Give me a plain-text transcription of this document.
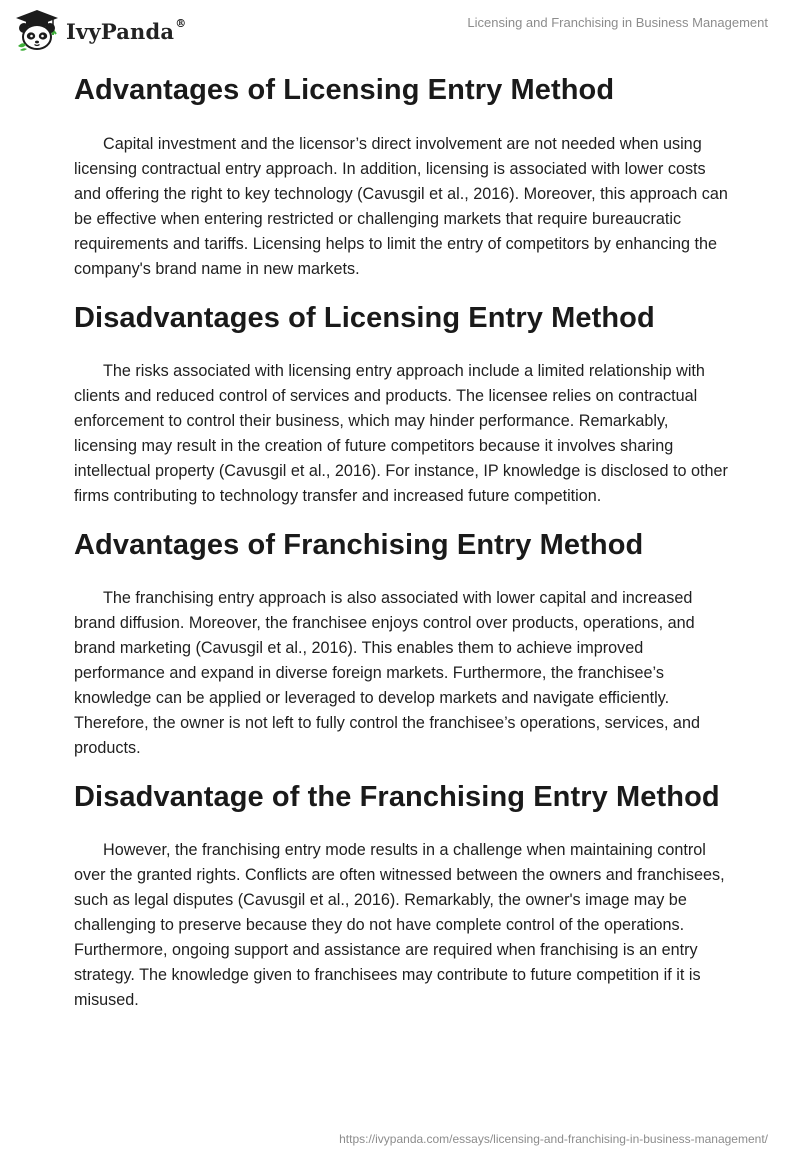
IvyPanda®	Licensing and Franchising in Business Management
Advantages of Licensing Entry Method

Capital investment and the licensor’s direct involvement are not needed when using licensing contractual entry approach. In addition, licensing is associated with lower costs and offering the right to key technology (Cavusgil et al., 2016). Moreover, this approach can be effective when entering restricted or challenging markets that require bureaucratic requirements and tariffs. Licensing helps to limit the entry of competitors by enhancing the company's brand name in new markets.

Disadvantages of Licensing Entry Method

The risks associated with licensing entry approach include a limited relationship with clients and reduced control of services and products. The licensee relies on contractual enforcement to control their business, which may hinder performance. Remarkably, licensing may result in the creation of future competitors because it involves sharing intellectual property (Cavusgil et al., 2016). For instance, IP knowledge is disclosed to other firms contributing to technology transfer and increased future competition.

Advantages of Franchising Entry Method

The franchising entry approach is also associated with lower capital and increased brand diffusion. Moreover, the franchisee enjoys control over products, operations, and brand marketing (Cavusgil et al., 2016). This enables them to achieve improved performance and expand in diverse foreign markets. Furthermore, the franchisee’s knowledge can be applied or leveraged to develop markets and navigate efficiently. Therefore, the owner is not left to fully control the franchisee’s operations, services, and products.

Disadvantage of the Franchising Entry Method

However, the franchising entry mode results in a challenge when maintaining control over the granted rights. Conflicts are often witnessed between the owners and franchisees, such as legal disputes (Cavusgil et al., 2016). Remarkably, the owner's image may be challenging to preserve because they do not have complete control of the operations. Furthermore, ongoing support and assistance are required when franchising is an entry strategy. The knowledge given to franchisees may contribute to future competition if it is misused.

https://ivypanda.com/essays/licensing-and-franchising-in-business-management/
